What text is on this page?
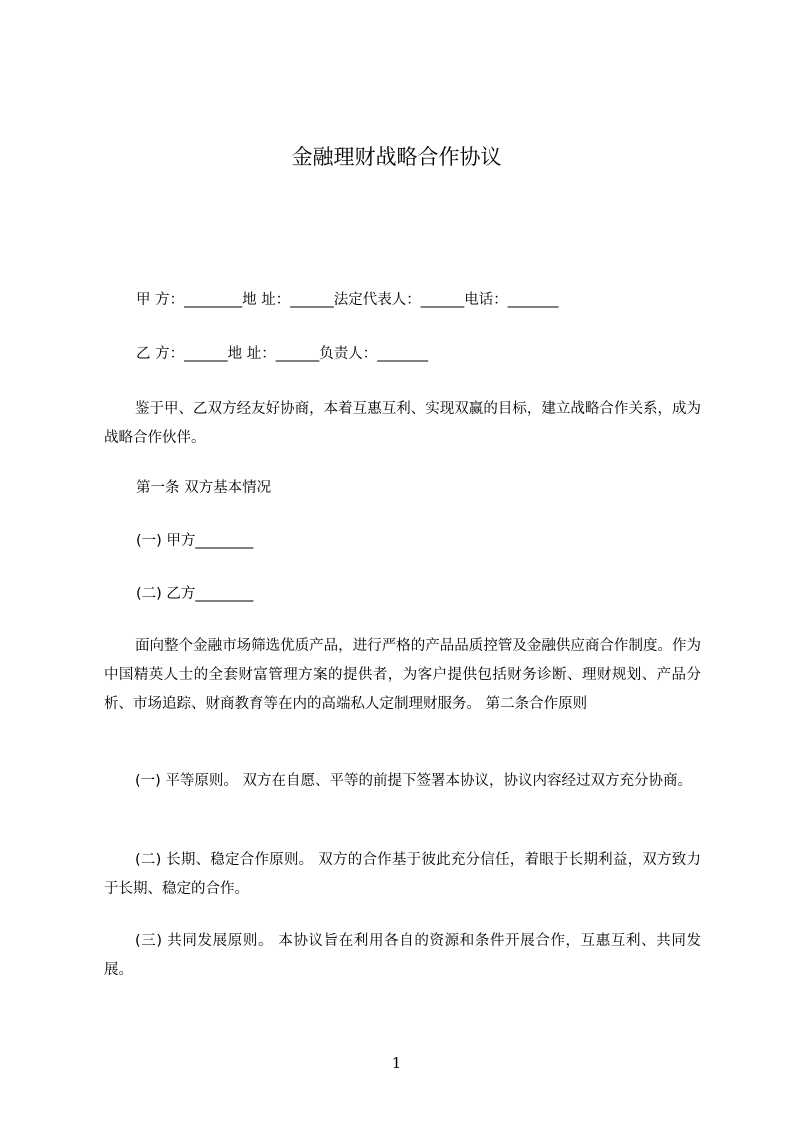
金融理财战略合作协议
甲 方：________地 址：______法定代表人：______电话：_______
乙 方：______地 址：______负责人：_______
鉴于甲、乙双方经友好协商，本着互惠互利、实现双赢的目标，建立战略合作关系，成为战略合作伙伴。
第一条 双方基本情况
(一) 甲方________
(二) 乙方________
面向整个金融市场筛选优质产品，进行严格的产品品质控管及金融供应商合作制度。作为中国精英人士的全套财富管理方案的提供者，为客户提供包括财务诊断、理财规划、产品分析、市场追踪、财商教育等在内的高端私人定制理财服务。 第二条合作原则
(一) 平等原则。 双方在自愿、平等的前提下签署本协议，协议内容经过双方充分协商。
(二) 长期、稳定合作原则。 双方的合作基于彼此充分信任，着眼于长期利益，双方致力于长期、稳定的合作。
(三) 共同发展原则。 本协议旨在利用各自的资源和条件开展合作，互惠互利、共同发展。
1
